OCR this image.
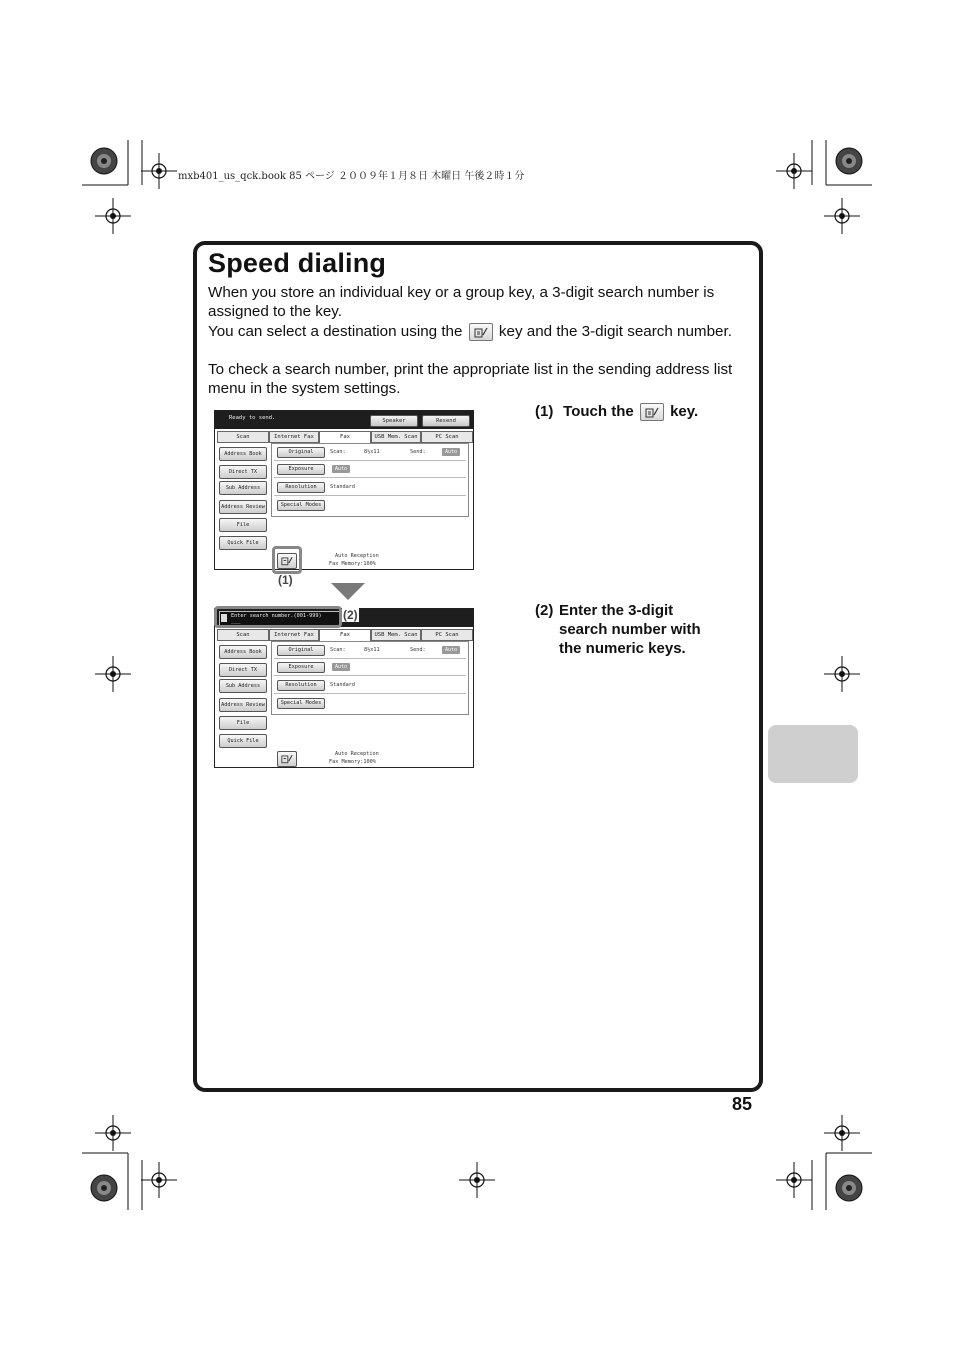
mxb401_us_qck.book 85 ページ ２００９年１月８日 木曜日 午後２時１分
Speed dialing
When you store an individual key or a group key, a 3-digit search number is assigned to the key.
You can select a destination using the key and the 3-digit search number.
To check a search number, print the appropriate list in the sending address list menu in the system settings.
(1) Touch the key.
(2) Enter the 3-digit
search number with
the numeric keys.
Ready to send.	Speaker	Resend
Scan	Internet Fax	Fax	USB Mem. Scan	PC Scan
Address Book
Direct TX
Sub Address
Address Review
File
Quick File
Original	Scan:	8½x11	Send:	Auto
Exposure	Auto
Resolution	Standard
Special Modes
Auto Reception
Fax Memory:100%
(1)
Enter search number.(001-999)
___
Scan	Internet Fax	Fax	USB Mem. Scan	PC Scan
Address Book
Direct TX
Sub Address
Address Review
File
Quick File
Original	Scan:	8½x11	Send:	Auto
Exposure	Auto
Resolution	Standard
Special Modes
Auto Reception
Fax Memory:100%
(2)
85
